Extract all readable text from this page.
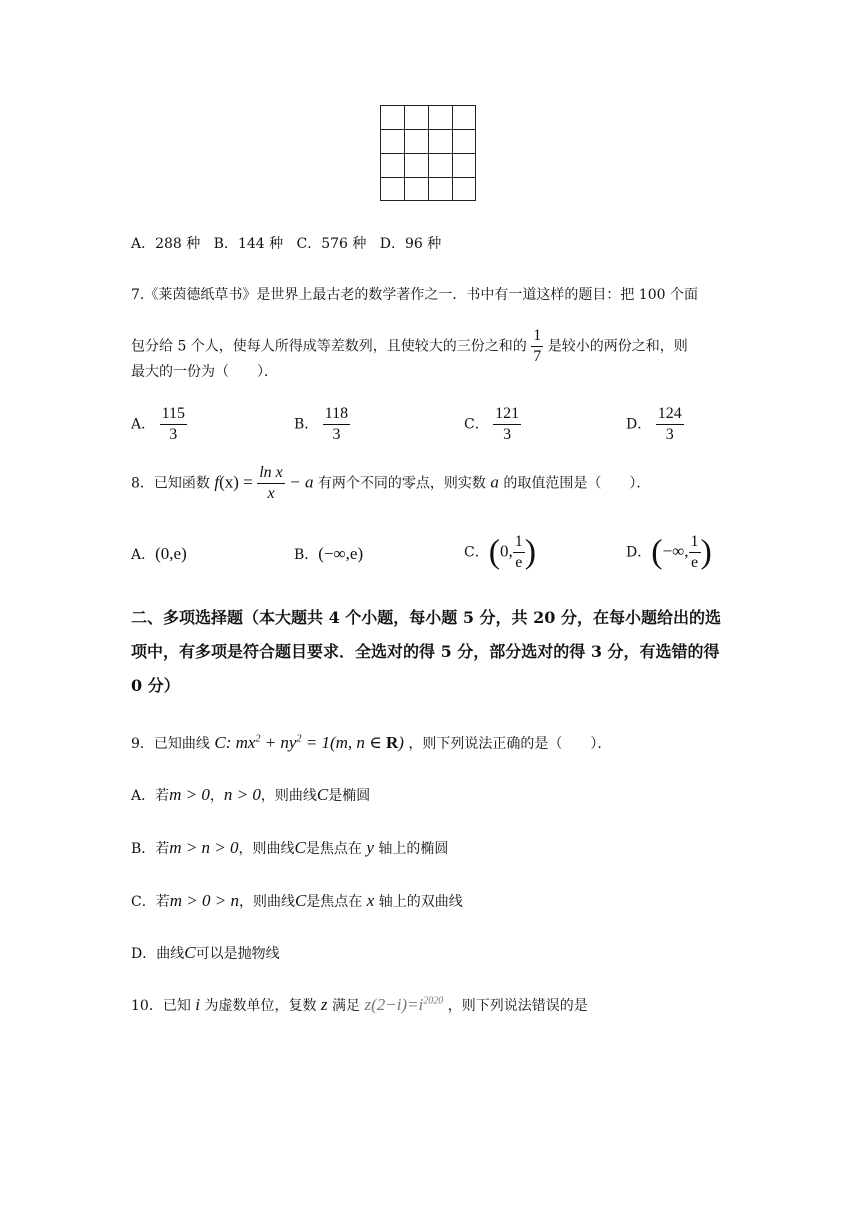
A．288 种 B．144 种 C．576 种 D．96 种
7.《莱茵德纸草书》是世界上最古老的数学著作之一．书中有一道这样的题目：把 100 个面
包分给 5 个人，使每人所得成等差数列，且使较大的三份之和的 $\frac{1}{7}$ 是较小的两份之和，则
最大的一份为（　　）．
A． $\frac{115}{3}$	B． $\frac{118}{3}$	C． $\frac{121}{3}$	D． $\frac{124}{3}$
8．已知函数 $f(x) = \frac{\text{ln x}}{x} - a$ 有两个不同的零点，则实数 a 的取值范围是（　　）．
A．(0,e)	B．(−∞,e)	C．(0, $\frac{1}{e}$ )	D．(−∞, $\frac{1}{e}$ )
二、多项选择题（本大题共 4 个小题，每小题 5 分，共 20 分，在每小题给出的选项中，有多项是符合题目要求．全选对的得 5 分，部分选对的得 3 分，有选错的得 0 分）
9．已知曲线 C: $mx^2 + ny^2 = 1(m$, n ∈ R) ，则下列说法正确的是（　　）．
A．若m > 0，n > 0，则曲线C是椭圆
B．若m > n > 0，则曲线C是焦点在 y 轴上的椭圆
C．若m > 0 > n，则曲线C是焦点在 x 轴上的双曲线
D．曲线C可以是抛物线
10．已知 i 为虚数单位，复数 z 满足 $z(2-i)=i^{2020}$ ，则下列说法错误的是
